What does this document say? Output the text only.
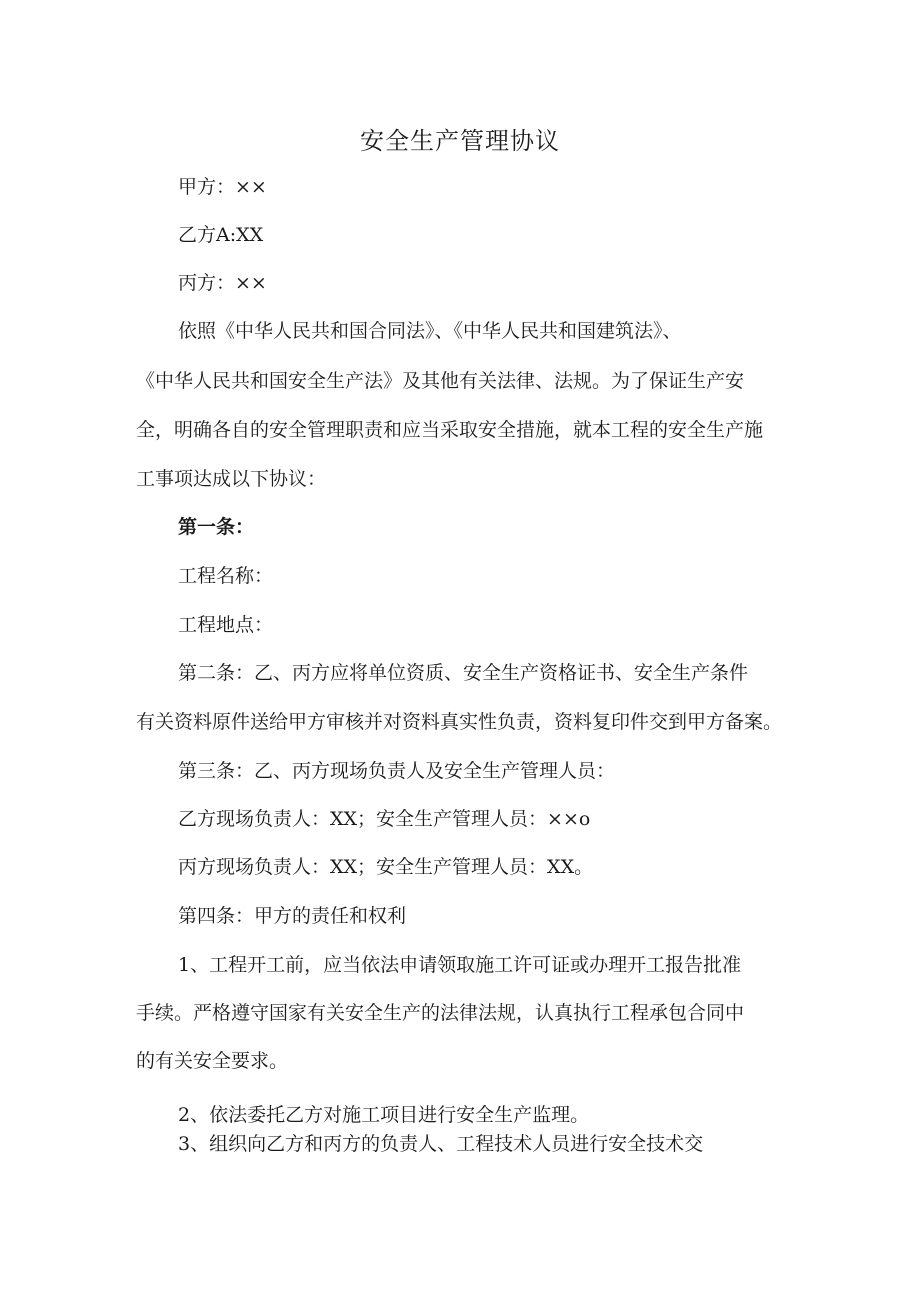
安全生产管理协议
甲方：××
乙方A:XX
丙方：××
依照《中华人民共和国合同法》、《中华人民共和国建筑法》、
《中华人民共和国安全生产法》及其他有关法律、法规。为了保证生产安
全，明确各自的安全管理职责和应当采取安全措施，就本工程的安全生产施
工事项达成以下协议：
第一条：
工程名称：
工程地点：
第二条：乙、丙方应将单位资质、安全生产资格证书、安全生产条件
有关资料原件送给甲方审核并对资料真实性负责，资料复印件交到甲方备案。
第三条：乙、丙方现场负责人及安全生产管理人员：
乙方现场负责人：XX；安全生产管理人员：××o
丙方现场负责人：XX；安全生产管理人员：XX。
第四条：甲方的责任和权利
1、工程开工前，应当依法申请领取施工许可证或办理开工报告批准
手续。严格遵守国家有关安全生产的法律法规，认真执行工程承包合同中
的有关安全要求。
2、依法委托乙方对施工项目进行安全生产监理。
3、组织向乙方和丙方的负责人、工程技术人员进行安全技术交
